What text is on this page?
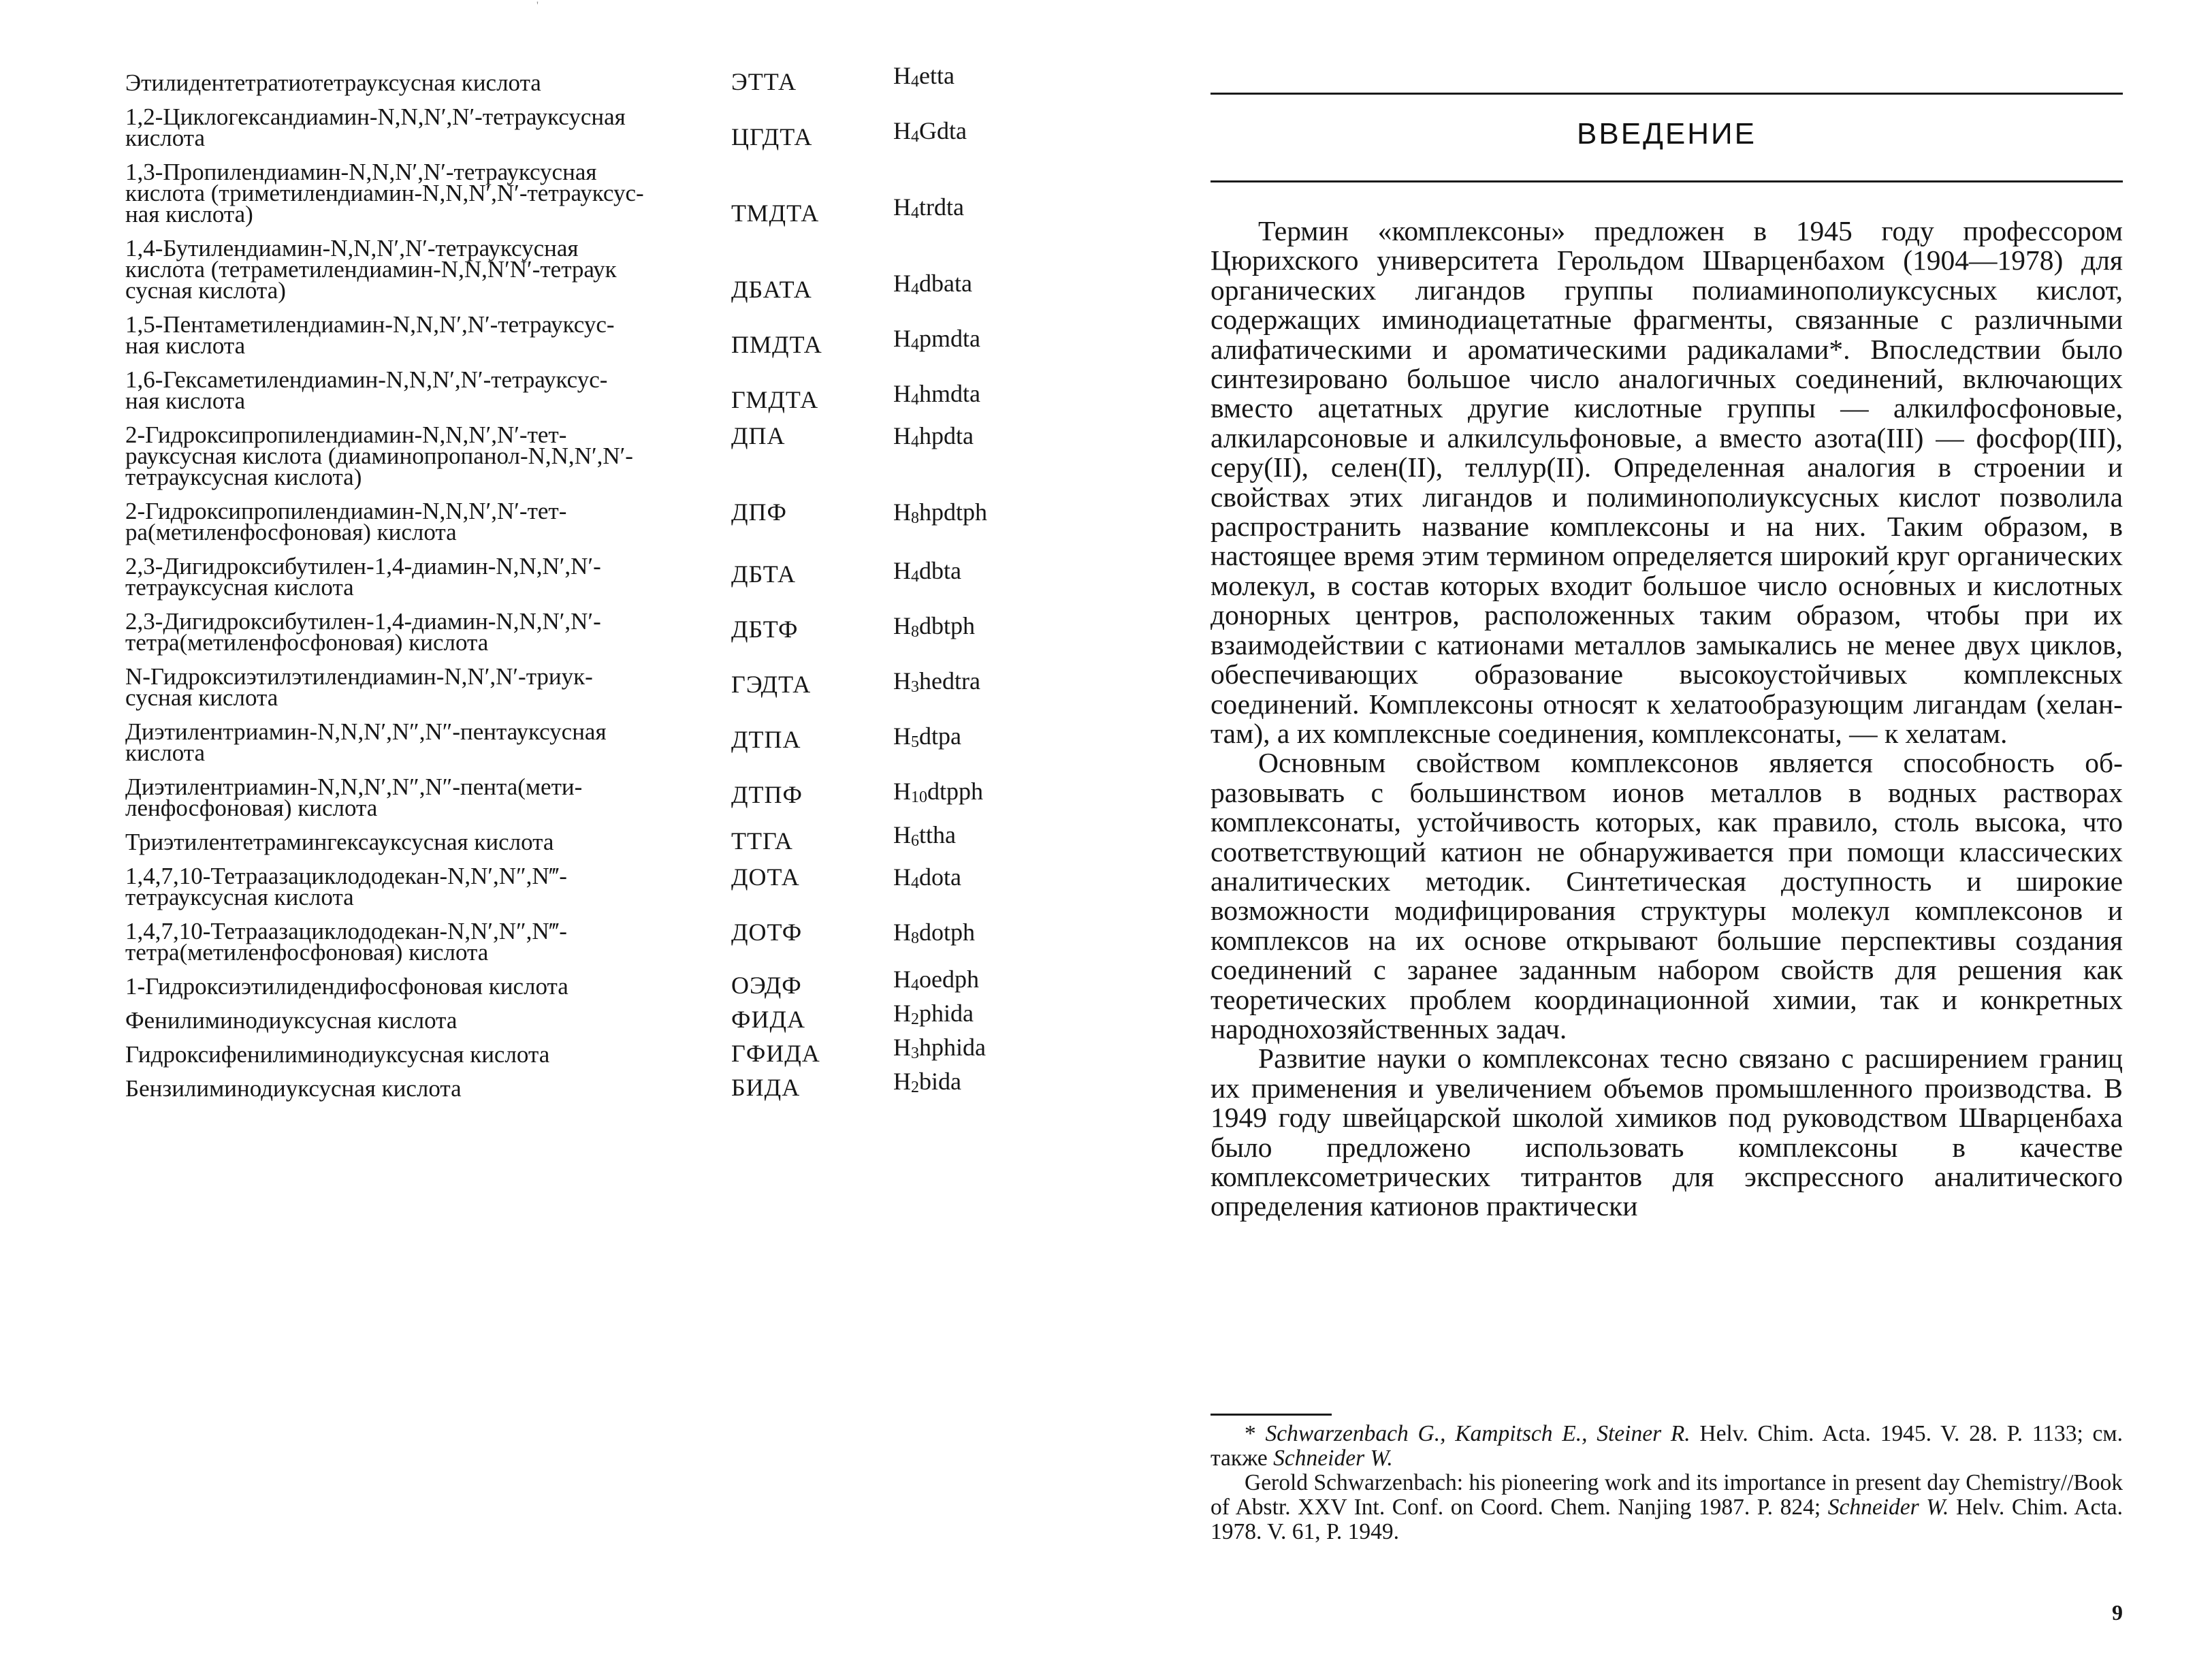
'
Этилидентетратиотетрауксусная кислота	ЭТТА	H4etta
1,2-Циклогександиамин-N,N,N′,N′-тетрауксусная
кислота	ЦГДТА	H4Gdta
1,3-Пропилендиамин-N,N,N′,N′-тетрауксусная
кислота (триметилендиамин-N,N,N′,N′-тетрауксус-
ная кислота)	ТМДТА	H4trdta
1,4-Бутилендиамин-N,N,N′,N′-тетрауксусная
кислота (тетраметилендиамин-N,N,N′N′-тетраук
сусная кислота)	ДБАТА	H4dbata
1,5-Пентаметилендиамин-N,N,N′,N′-тетрауксус-
ная кислота	ПМДТА	H4pmdta
1,6-Гексаметилендиамин-N,N,N′,N′-тетрауксус-
ная кислота	ГМДТА	H4hmdta
2-Гидроксипропилендиамин-N,N,N′,N′-тет-
рауксусная кислота (диаминопропанол-N,N,N′,N′-
тетрауксусная кислота)
ДПА	H4hpdta
2-Гидроксипропилендиамин-N,N,N′,N′-тет-
ра(метиленфосфоновая) кислота
ДПФ	H8hpdtph
2,3-Дигидроксибутилен-1,4-диамин-N,N,N′,N′-
тетрауксусная кислота	ДБТА	H4dbta
2,3-Дигидроксибутилен-1,4-диамин-N,N,N′,N′-
тетра(метиленфосфоновая) кислота	ДБТФ	H8dbtph
N-Гидроксиэтилэтилендиамин-N,N′,N′-триук-
сусная кислота	ГЭДТА	H3hedtra
Диэтилентриамин-N,N,N′,N″,N″-пентауксусная
кислота	ДТПА	H5dtpa
Диэтилентриамин-N,N,N′,N″,N″-пента(мети-
ленфосфоновая) кислота	ДТПФ	H10dtpph
Триэтилентетрамингексауксусная кислота	ТТГА	H6ttha
1,4,7,10-Тетраазациклододекан-N,N′,N″,N‴-
тетрауксусная кислота
ДОТА	H4dota
1,4,7,10-Тетраазациклододекан-N,N′,N″,N‴-
тетра(метиленфосфоновая) кислота
ДОТФ	H8dotph
1-Гидроксиэтилидендифосфоновая кислота	ОЭДФ	H4oedph
Фенилиминодиуксусная кислота	ФИДА	H2phida
Гидроксифенилиминодиуксусная кислота	ГФИДА	H3hphida
Бензилиминодиуксусная кислота	БИДА	H2bida
ВВЕДЕНИЕ

Термин «комплексоны» предложен в 1945 году профессором Цюрихского университета Герольдом Шварценбахом (1904—1978) для органических лигандов группы полиаминополиуксусных кислот, содержащих иминодиацетатные фрагменты, связанные с различными алифатическими и ароматическими радикалами*. Впоследствии было синтезировано большое число аналогичных соединений, включающих вместо ацетатных другие кислотные группы — алкилфосфоновые, алкиларсоновые и алкилсульфоновые, а вместо азота(III) — фосфор(III), серу(II), селен(II), теллур(II). Определенная аналогия в строении и свойствах этих лигандов и полиминополиуксусных кислот позволила распространить название комплексоны и на них. Таким образом, в настоящее время этим термином определяется широкий круг органических молекул, в состав которых входит большое число осно́вных и кислотных донорных центров, расположенных таким образом, чтобы при их взаимодействии с катионами металлов замыкались не менее двух циклов, обеспечивающих образование высокоустойчивых комплексных соединений. Комплексоны относят к хелатообразующим лигандам (хелантам), а их комплексные соединения, комплексонаты, — к хелатам.

Основным свойством комплексонов является способность образовывать с большинством ионов металлов в водных растворах комплексонаты, устойчивость которых, как правило, столь высока, что соответствующий катион не обнаруживается при помощи классических аналитических методик. Синтетическая доступность и широкие возможности модифицирования структуры молекул комплексонов и комплексов на их основе открывают большие перспективы создания соединений с заранее заданным набором свойств для решения как теоретических проблем координационной химии, так и конкретных народнохозяйственных задач.

Развитие науки о комплексонах тесно связано с расширением границ их применения и увеличением объемов промышленного производства. В 1949 году швейцарской школой химиков под руководством Шварценбаха было предложено использовать комплексоны в качестве комплексометрических титрантов для экспрессного аналитического определения катионов практически

* Schwarzenbach G., Kampitsch E., Steiner R. Helv. Chim. Acta. 1945. V. 28. P. 1133; см. также Schneider W.

Gerold Schwarzenbach: his pioneering work and its importance in present day Chemistry//Book of Abstr. XXV Int. Conf. on Coord. Chem. Nanjing 1987. P. 824; Schneider W. Helv. Chim. Acta. 1978. V. 61, P. 1949.

9
